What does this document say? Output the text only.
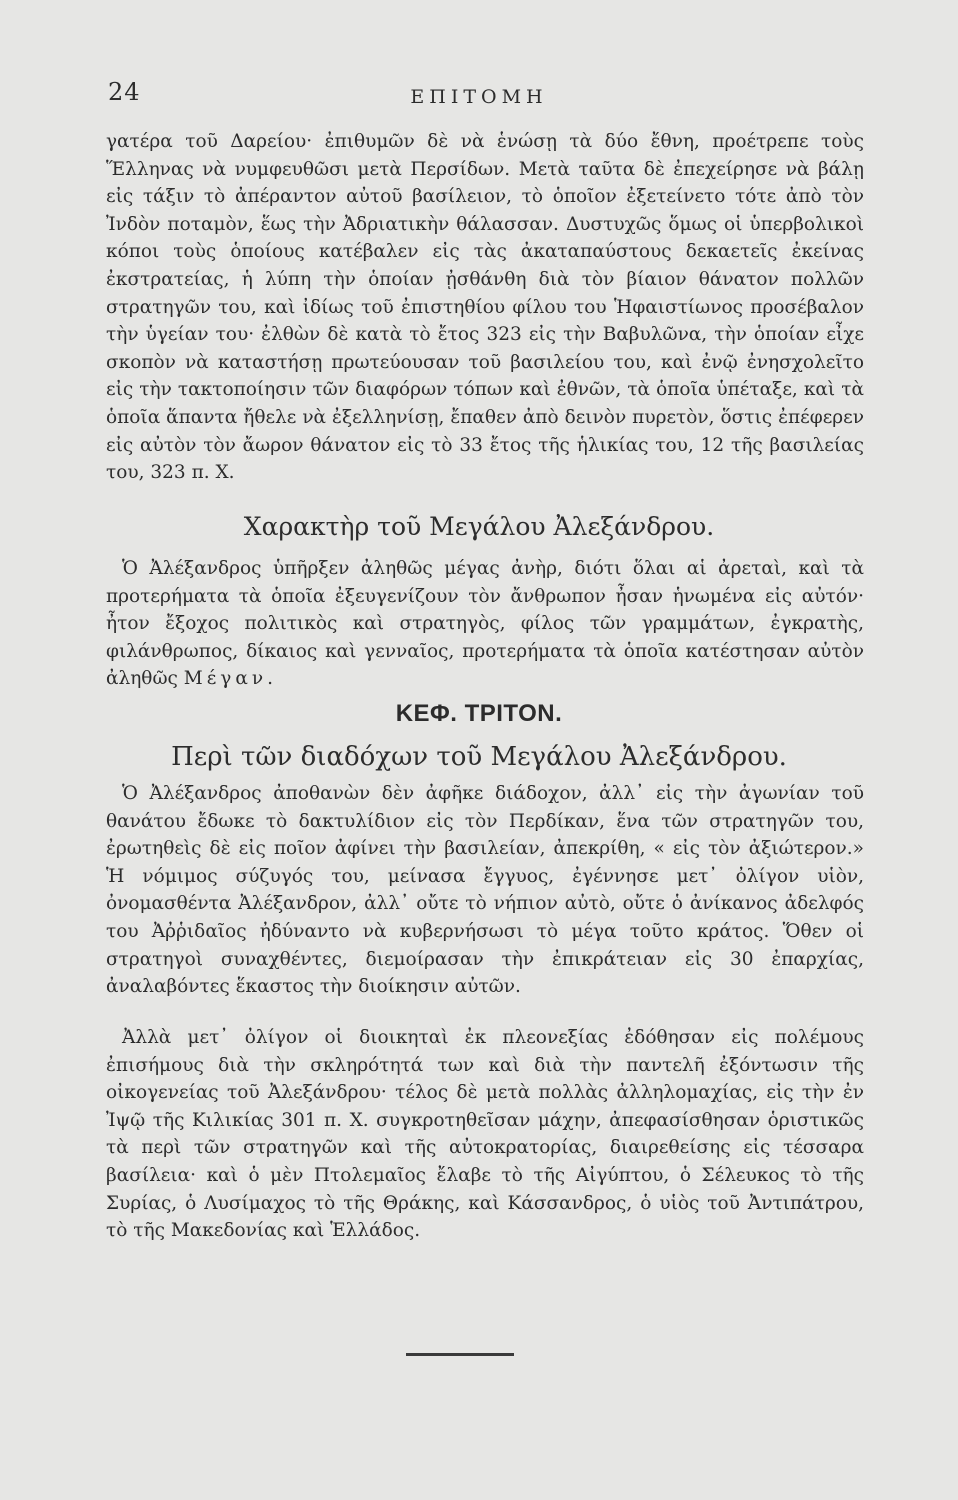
24	ΕΠΙΤΟΜΗ

γατέρα τοῦ Δαρείου· ἐπιθυμῶν δὲ νὰ ἑνώσῃ τὰ δύο ἔθνη, προέτρεπε τοὺς Ἕλληνας νὰ νυμφευθῶσι μετὰ Περσίδων. Μετὰ ταῦτα δὲ ἐπεχείρησε νὰ βάλῃ εἰς τάξιν τὸ ἀπέραντον αὐτοῦ βασίλειον, τὸ ὁποῖον ἐξετείνετο τότε ἀπὸ τὸν Ἰνδὸν ποταμὸν, ἕως τὴν Ἀδριατικὴν θάλασσαν. Δυστυχῶς ὅμως οἱ ὑπερβολικοὶ κόποι τοὺς ὁποίους κατέβαλεν εἰς τὰς ἀκαταπαύστους δεκαετεῖς ἐκείνας ἐκστρατείας, ἡ λύπη τὴν ὁποίαν ᾐσθάνθη διὰ τὸν βίαιον θάνατον πολλῶν στρατηγῶν του, καὶ ἰδίως τοῦ ἐπιστηθίου φίλου του Ἡφαιστίωνος προσέβαλον τὴν ὑγείαν του· ἐλθὼν δὲ κατὰ τὸ ἔτος 323 εἰς τὴν Βαβυλῶνα, τὴν ὁποίαν εἶχε σκοπὸν νὰ καταστήσῃ πρωτεύουσαν τοῦ βασιλείου του, καὶ ἐνῷ ἐνησχολεῖτο εἰς τὴν τακτοποίησιν τῶν διαφόρων τόπων καὶ ἐθνῶν, τὰ ὁποῖα ὑπέταξε, καὶ τὰ ὁποῖα ἅπαντα ἤθελε νὰ ἐξελληνίσῃ, ἔπαθεν ἀπὸ δεινὸν πυρετὸν, ὅστις ἐπέφερεν εἰς αὐτὸν τὸν ἄωρον θάνατον εἰς τὸ 33 ἔτος τῆς ἡλικίας του, 12 τῆς βασιλείας του, 323 π. Χ.

Χαρακτὴρ τοῦ Μεγάλου Ἀλεξάνδρου.

Ὁ Ἀλέξανδρος ὑπῆρξεν ἀληθῶς μέγας ἀνὴρ, διότι ὅλαι αἱ ἀρεταὶ, καὶ τὰ προτερήματα τὰ ὁποῖα ἐξευγενίζουν τὸν ἄνθρωπον ἦσαν ἡνωμένα εἰς αὐτόν· ἦτον ἔξοχος πολιτικὸς καὶ στρατηγὸς, φίλος τῶν γραμμάτων, ἐγκρατὴς, φιλάνθρωπος, δίκαιος καὶ γενναῖος, προτερήματα τὰ ὁποῖα κατέστησαν αὐτὸν ἀληθῶς Μέγαν.

ΚΕΦ. ΤΡΙΤΟΝ.
Περὶ τῶν διαδόχων τοῦ Μεγάλου Ἀλεξάνδρου.

Ὁ Ἀλέξανδρος ἀποθανὼν δὲν ἀφῆκε διάδοχον, ἀλλ᾽ εἰς τὴν ἀγωνίαν τοῦ θανάτου ἔδωκε τὸ δακτυλίδιον εἰς τὸν Περδίκαν, ἕνα τῶν στρατηγῶν του, ἐρωτηθεὶς δὲ εἰς ποῖον ἀφίνει τὴν βασιλείαν, ἀπεκρίθη, « εἰς τὸν ἀξιώτερον.» Ἡ νόμιμος σύζυγός του, μείνασα ἔγγυος, ἐγέννησε μετ᾽ ὀλίγον υἱὸν, ὀνομασθέντα Ἀλέξανδρον, ἀλλ᾽ οὔτε τὸ νήπιον αὐτὸ, οὔτε ὁ ἀνίκανος ἀδελφός του Ἀῤῥιδαῖος ἠδύναντο νὰ κυβερνήσωσι τὸ μέγα τοῦτο κράτος. Ὅθεν οἱ στρατηγοὶ συναχθέντες, διεμοίρασαν τὴν ἐπικράτειαν εἰς 30 ἐπαρχίας, ἀναλαβόντες ἕκαστος τὴν διοίκησιν αὐτῶν.

Ἀλλὰ μετ᾽ ὀλίγον οἱ διοικηταὶ ἐκ πλεονεξίας ἐδόθησαν εἰς πολέμους ἐπισήμους διὰ τὴν σκληρότητά των καὶ διὰ τὴν παντελῆ ἐξόντωσιν τῆς οἰκογενείας τοῦ Ἀλεξάνδρου· τέλος δὲ μετὰ πολλὰς ἀλληλομαχίας, εἰς τὴν ἐν Ἰψῷ τῆς Κιλικίας 301 π. Χ. συγκροτηθεῖσαν μάχην, ἀπεφασίσθησαν ὁριστικῶς τὰ περὶ τῶν στρατηγῶν καὶ τῆς αὐτοκρατορίας, διαιρεθείσης εἰς τέσσαρα βασίλεια· καὶ ὁ μὲν Πτολεμαῖος ἔλαβε τὸ τῆς Αἰγύπτου, ὁ Σέλευκος τὸ τῆς Συρίας, ὁ Λυσίμαχος τὸ τῆς Θράκης, καὶ Κάσσανδρος, ὁ υἱὸς τοῦ Ἀντιπάτρου, τὸ τῆς Μακεδονίας καὶ Ἑλλάδος.
